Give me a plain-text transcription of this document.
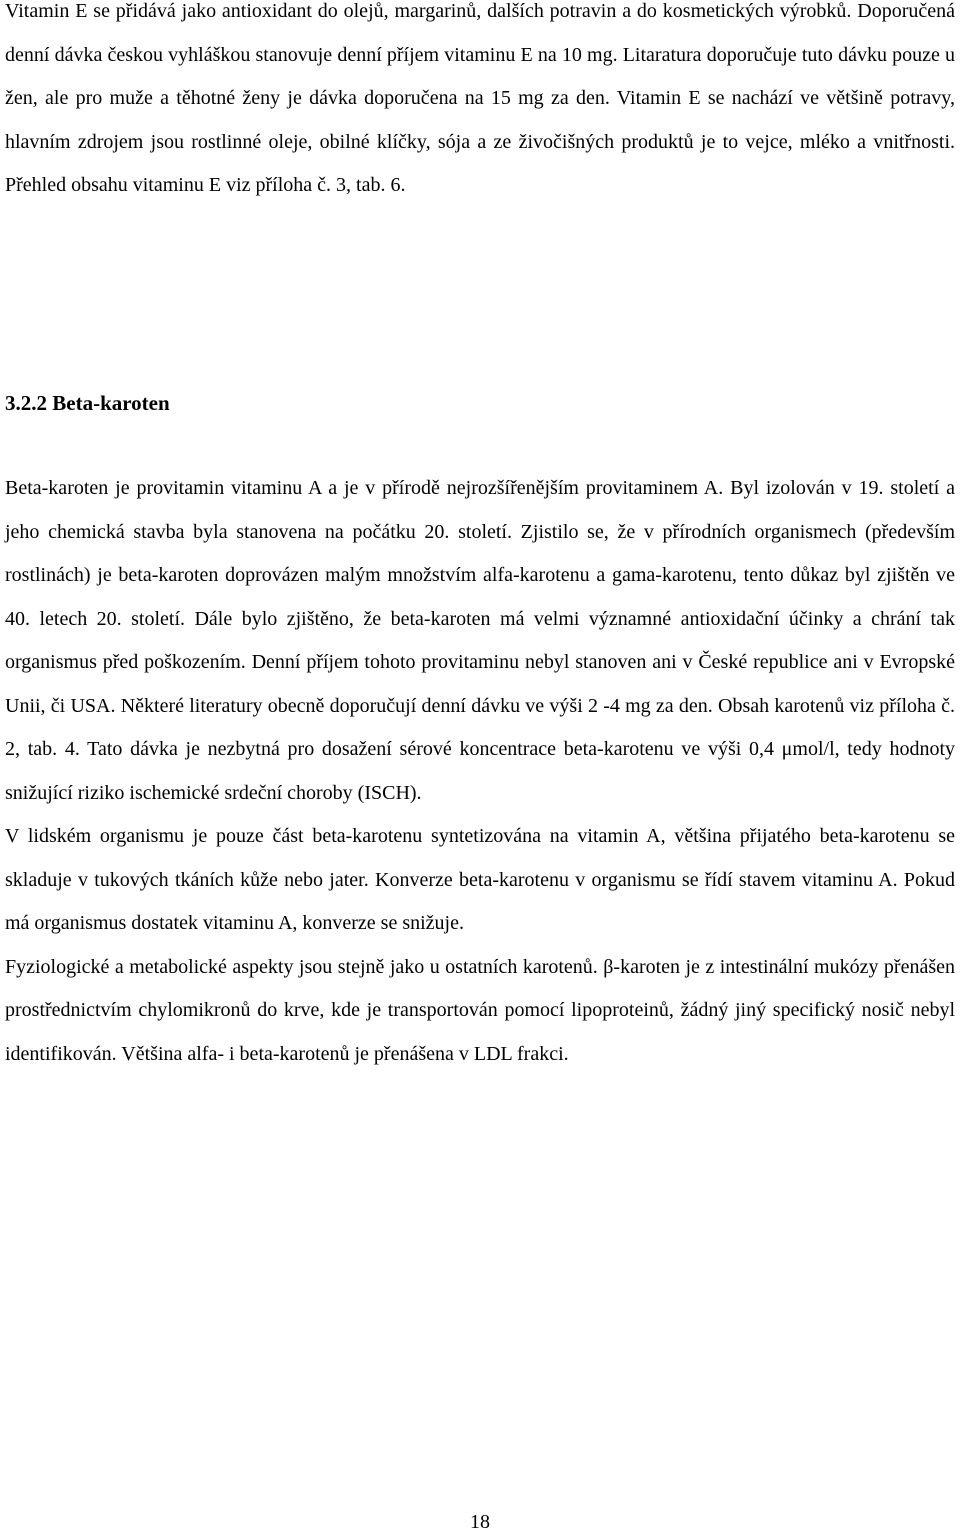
Vitamin E se přidává jako antioxidant do olejů, margarinů, dalších potravin a do kosmetických výrobků. Doporučená denní dávka českou vyhláškou stanovuje denní příjem vitaminu E na 10 mg. Litaratura doporučuje tuto dávku pouze u žen, ale pro muže a těhotné ženy je dávka doporučena na 15 mg za den. Vitamin E se nachází ve většině potravy, hlavním zdrojem jsou rostlinné oleje, obilné klíčky, sója a ze živočišných produktů je to vejce, mléko a vnitřnosti. Přehled obsahu vitaminu E viz příloha č. 3, tab. 6.

3.2.2 Beta-karoten

Beta-karoten je provitamin vitaminu A a je v přírodě nejrozšířenějším provitaminem A. Byl izolován v 19. století a jeho chemická stavba byla stanovena na počátku 20. století. Zjistilo se, že v přírodních organismech (především rostlinách) je beta-karoten doprovázen malým množstvím alfa-karotenu a gama-karotenu, tento důkaz byl zjištěn ve 40. letech 20. století. Dále bylo zjištěno, že beta-karoten má velmi významné antioxidační účinky a chrání tak organismus před poškozením. Denní příjem tohoto provitaminu nebyl stanoven ani v České republice ani v Evropské Unii, či USA. Některé literatury obecně doporučují denní dávku ve výši 2 -4 mg za den. Obsah karotenů viz příloha č. 2, tab. 4. Tato dávka je nezbytná pro dosažení sérové koncentrace beta-karotenu ve výši 0,4 μmol/l, tedy hodnoty snižující riziko ischemické srdeční choroby (ISCH).

V lidském organismu je pouze část beta-karotenu syntetizována na vitamin A, většina přijatého beta-karotenu se skladuje v tukových tkáních kůže nebo jater. Konverze beta-karotenu v organismu se řídí stavem vitaminu A. Pokud má organismus dostatek vitaminu A, konverze se snižuje.

Fyziologické a metabolické aspekty jsou stejně jako u ostatních karotenů. β-karoten je z intestinální mukózy přenášen prostřednictvím chylomikronů do krve, kde je transportován pomocí lipoproteinů, žádný jiný specifický nosič nebyl identifikován. Většina alfa- i beta-karotenů je přenášena v LDL frakci.

18
